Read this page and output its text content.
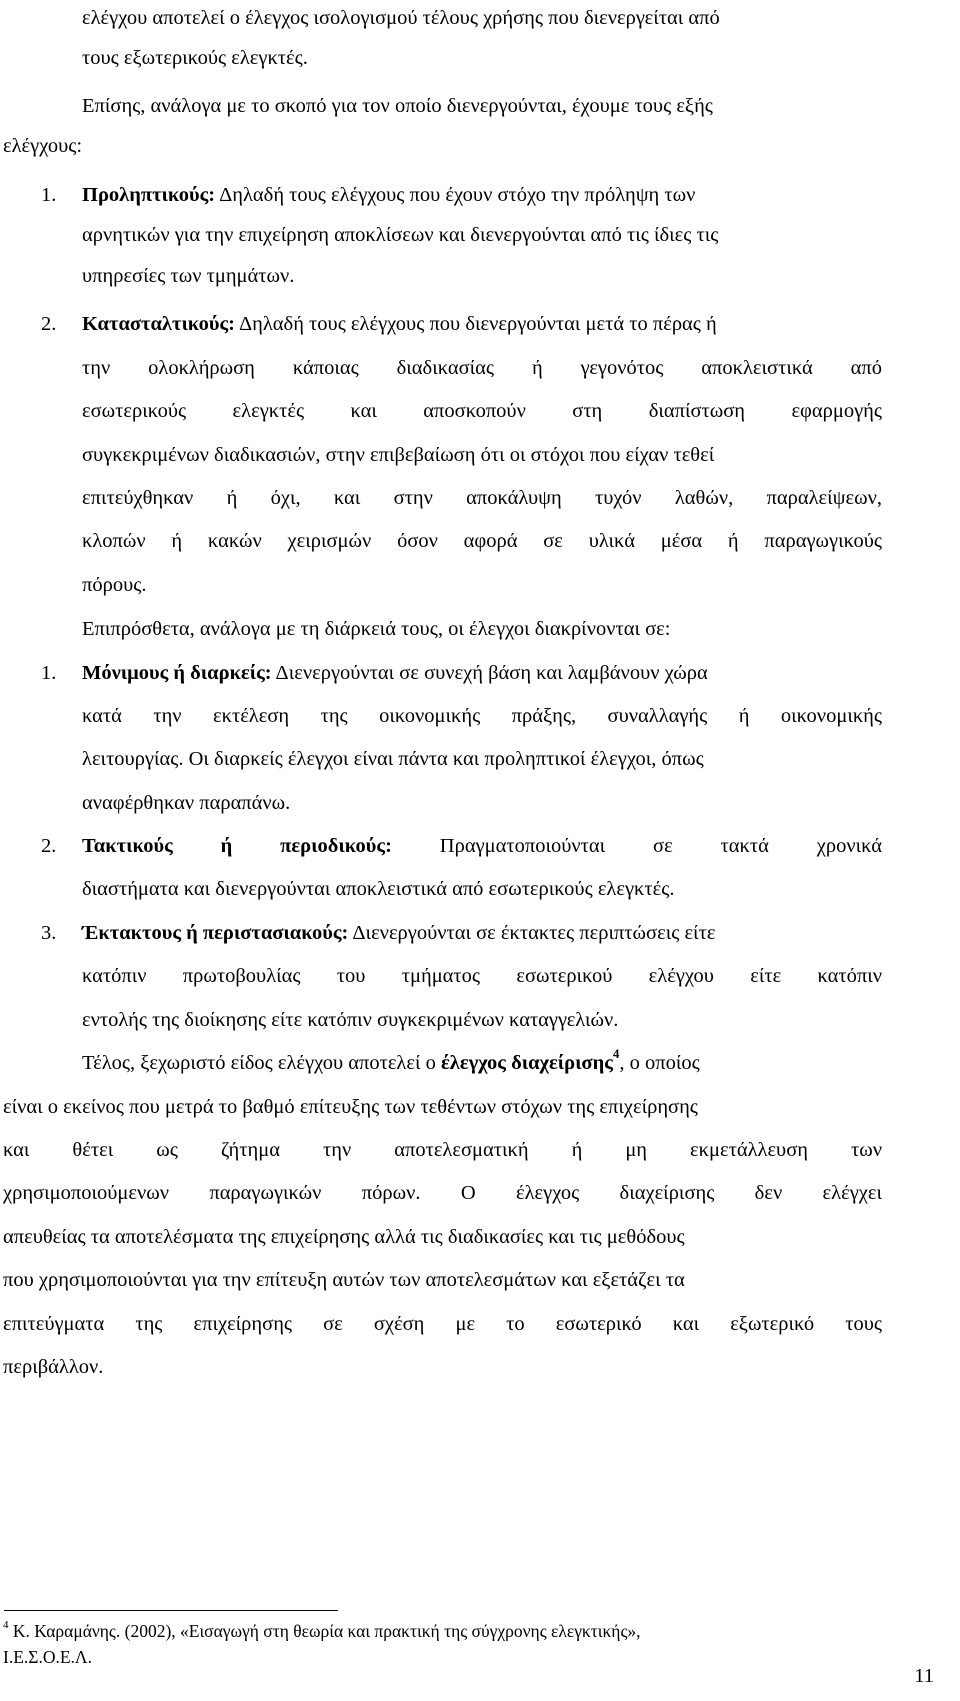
ελέγχου αποτελεί ο έλεγχος ισολογισμού τέλους χρήσης που διενεργείται από
τους εξωτερικούς ελεγκτές.
Επίσης, ανάλογα με το σκοπό για τον οποίο διενεργούνται, έχουμε τους εξής
ελέγχους:
1. Προληπτικούς: Δηλαδή τους ελέγχους που έχουν στόχο την πρόληψη των
αρνητικών για την επιχείρηση αποκλίσεων και διενεργούνται από τις ίδιες τις
υπηρεσίες των τμημάτων.
2. Κατασταλτικούς: Δηλαδή τους ελέγχους που διενεργούνται μετά το πέρας ή
την ολοκλήρωση κάποιας διαδικασίας ή γεγονότος αποκλειστικά από
εσωτερικούς ελεγκτές και αποσκοπούν στη διαπίστωση εφαρμογής
συγκεκριμένων διαδικασιών, στην επιβεβαίωση ότι οι στόχοι που είχαν τεθεί
επιτεύχθηκαν ή όχι, και στην αποκάλυψη τυχόν λαθών, παραλείψεων,
κλοπών ή κακών χειρισμών όσον αφορά σε υλικά μέσα ή παραγωγικούς
πόρους.
Επιπρόσθετα, ανάλογα με τη διάρκειά τους, οι έλεγχοι διακρίνονται σε:
1. Μόνιμους ή διαρκείς: Διενεργούνται σε συνεχή βάση και λαμβάνουν χώρα
κατά την εκτέλεση της οικονομικής πράξης, συναλλαγής ή οικονομικής
λειτουργίας. Οι διαρκείς έλεγχοι είναι πάντα και προληπτικοί έλεγχοι, όπως
αναφέρθηκαν παραπάνω.
2. Τακτικούς ή περιοδικούς: Πραγματοποιούνται σε τακτά χρονικά
διαστήματα και διενεργούνται αποκλειστικά από εσωτερικούς ελεγκτές.
3. Έκτακτους ή περιστασιακούς: Διενεργούνται σε έκτακτες περιπτώσεις είτε
κατόπιν πρωτοβουλίας του τμήματος εσωτερικού ελέγχου είτε κατόπιν
εντολής της διοίκησης είτε κατόπιν συγκεκριμένων καταγγελιών.
Τέλος, ξεχωριστό είδος ελέγχου αποτελεί ο έλεγχος διαχείρισης$^4$, ο οποίος
είναι ο εκείνος που μετρά το βαθμό επίτευξης των τεθέντων στόχων της επιχείρησης
και θέτει ως ζήτημα την αποτελεσματική ή μη εκμετάλλευση των
χρησιμοποιούμενων παραγωγικών πόρων. Ο έλεγχος διαχείρισης δεν ελέγχει
απευθείας τα αποτελέσματα της επιχείρησης αλλά τις διαδικασίες και τις μεθόδους
που χρησιμοποιούνται για την επίτευξη αυτών των αποτελεσμάτων και εξετάζει τα
επιτεύγματα της επιχείρησης σε σχέση με το εσωτερικό και εξωτερικό τους
περιβάλλον.
$^4$ Κ. Καραμάνης. (2002), «Εισαγωγή στη θεωρία και πρακτική της σύγχρονης ελεγκτικής»,
Ι.Ε.Σ.Ο.Ε.Λ.
11
